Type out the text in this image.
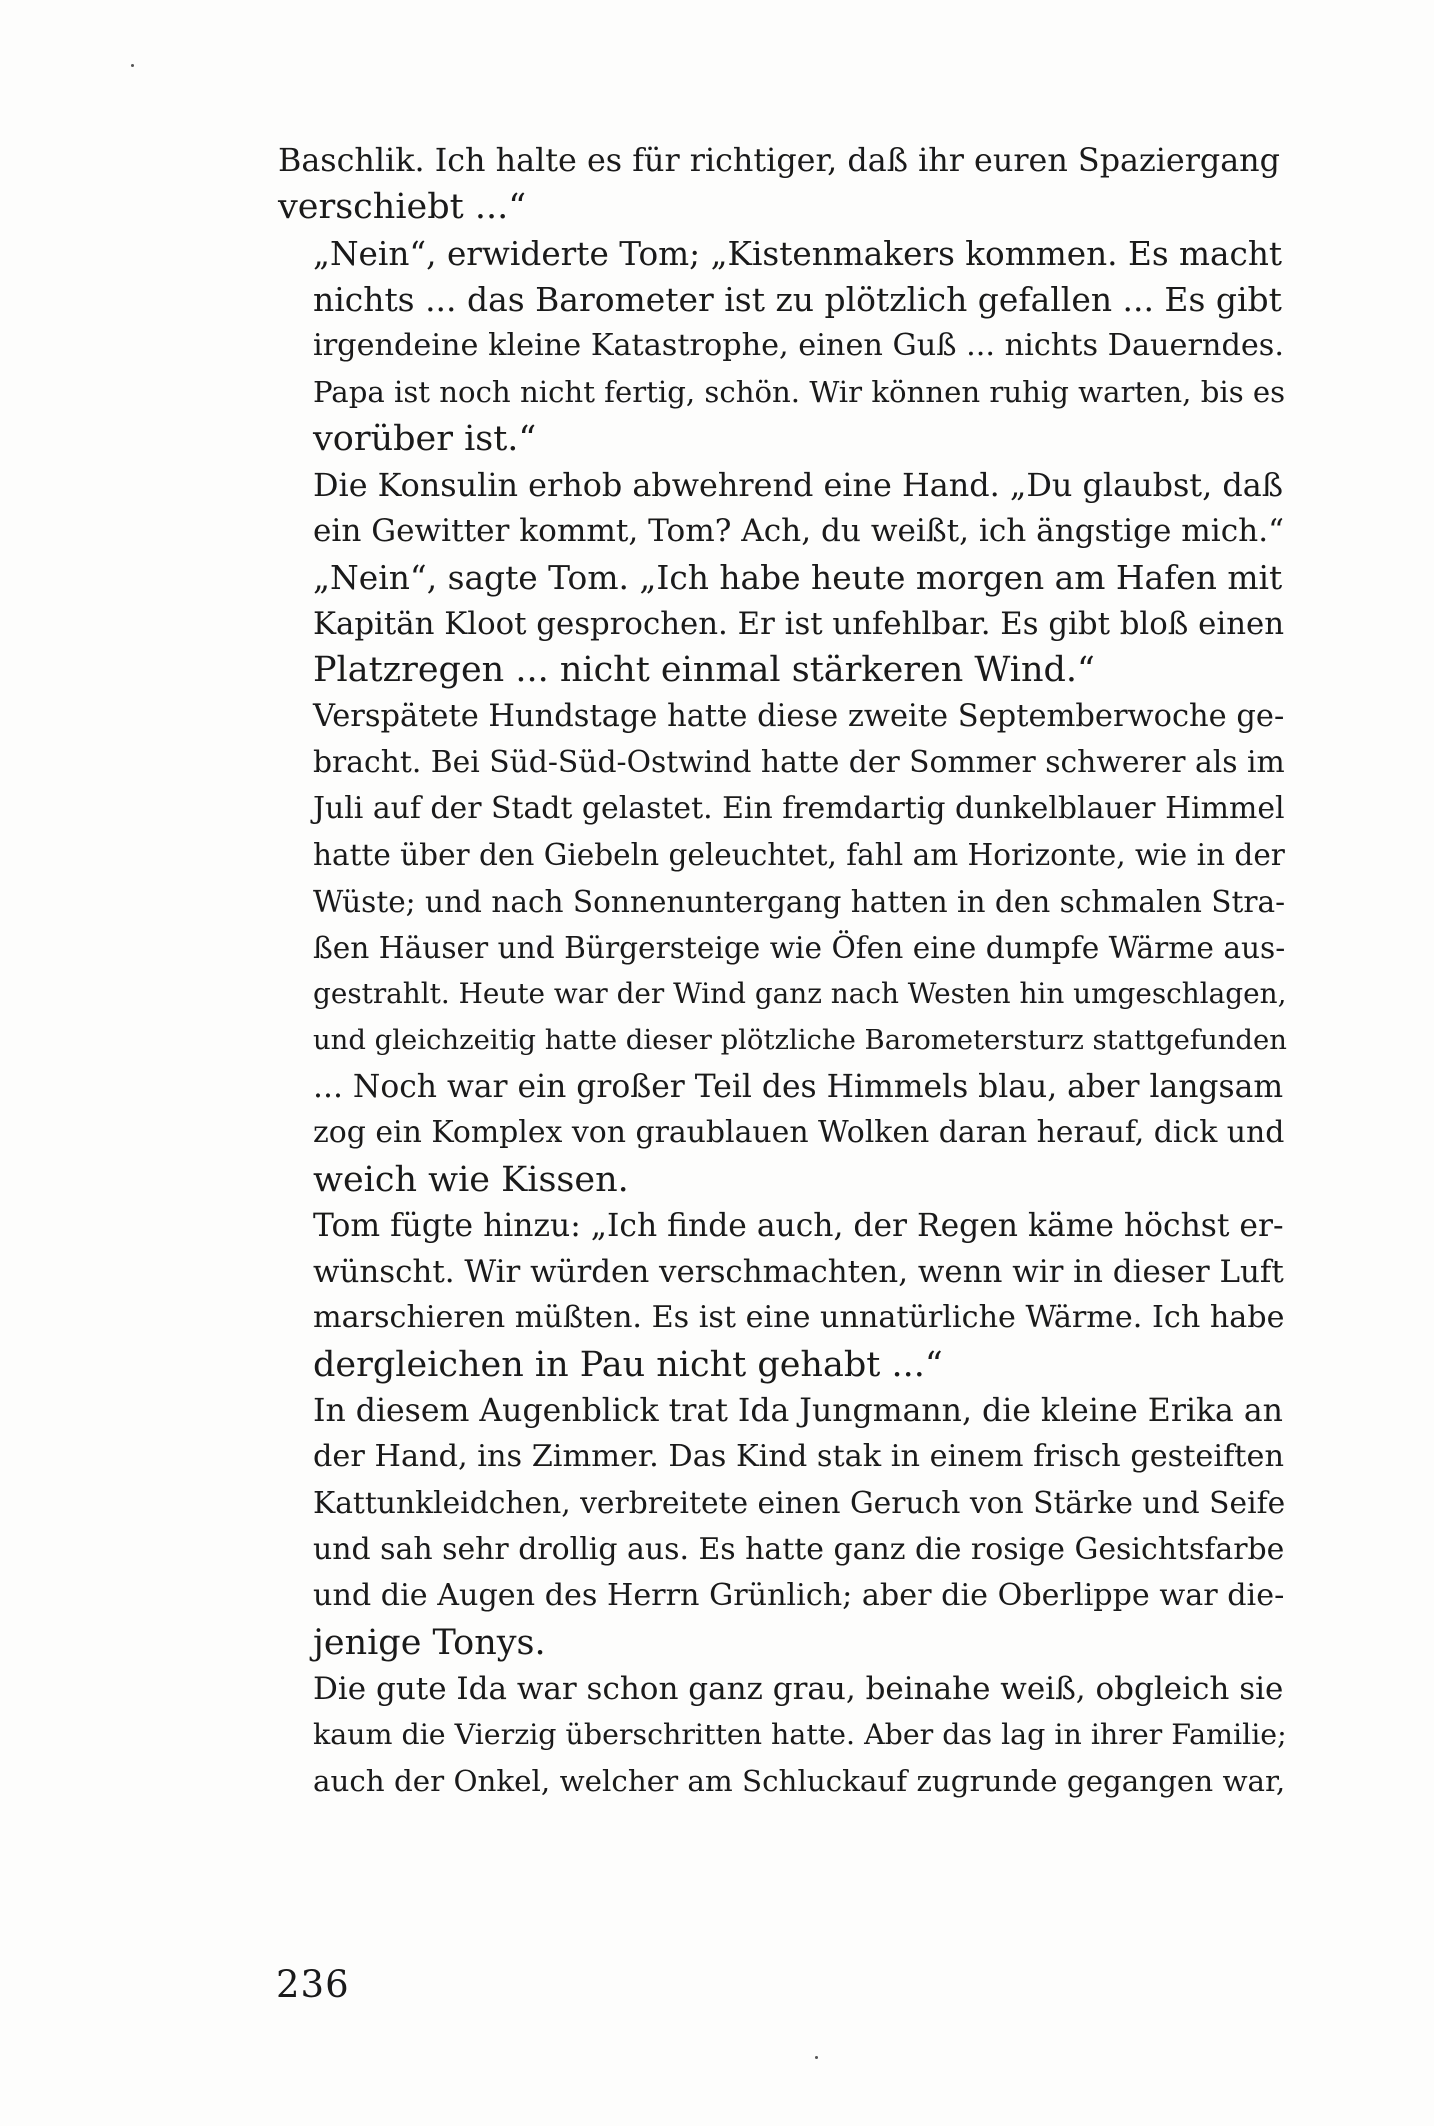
Baschlik. Ich halte es für richtiger, daß ihr euren Spaziergang
verschiebt ...“
„Nein“, erwiderte Tom; „Kistenmakers kommen. Es macht
nichts ... das Barometer ist zu plötzlich gefallen ... Es gibt
irgendeine kleine Katastrophe, einen Guß ... nichts Dauerndes.
Papa ist noch nicht fertig, schön. Wir können ruhig warten, bis es
vorüber ist.“
Die Konsulin erhob abwehrend eine Hand. „Du glaubst, daß
ein Gewitter kommt, Tom? Ach, du weißt, ich ängstige mich.“
„Nein“, sagte Tom. „Ich habe heute morgen am Hafen mit
Kapitän Kloot gesprochen. Er ist unfehlbar. Es gibt bloß einen
Platzregen ... nicht einmal stärkeren Wind.“
Verspätete Hundstage hatte diese zweite Septemberwoche ge-
bracht. Bei Süd-Süd-Ostwind hatte der Sommer schwerer als im
Juli auf der Stadt gelastet. Ein fremdartig dunkelblauer Himmel
hatte über den Giebeln geleuchtet, fahl am Horizonte, wie in der
Wüste; und nach Sonnenuntergang hatten in den schmalen Stra-
ßen Häuser und Bürgersteige wie Öfen eine dumpfe Wärme aus-
gestrahlt. Heute war der Wind ganz nach Westen hin umgeschlagen,
und gleichzeitig hatte dieser plötzliche Barometersturz stattgefunden
... Noch war ein großer Teil des Himmels blau, aber langsam
zog ein Komplex von graublauen Wolken daran herauf, dick und
weich wie Kissen.
Tom fügte hinzu: „Ich finde auch, der Regen käme höchst er-
wünscht. Wir würden verschmachten, wenn wir in dieser Luft
marschieren müßten. Es ist eine unnatürliche Wärme. Ich habe
dergleichen in Pau nicht gehabt ...“
In diesem Augenblick trat Ida Jungmann, die kleine Erika an
der Hand, ins Zimmer. Das Kind stak in einem frisch gesteiften
Kattunkleidchen, verbreitete einen Geruch von Stärke und Seife
und sah sehr drollig aus. Es hatte ganz die rosige Gesichtsfarbe
und die Augen des Herrn Grünlich; aber die Oberlippe war die-
jenige Tonys.
Die gute Ida war schon ganz grau, beinahe weiß, obgleich sie
kaum die Vierzig überschritten hatte. Aber das lag in ihrer Familie;
auch der Onkel, welcher am Schluckauf zugrunde gegangen war,
236
